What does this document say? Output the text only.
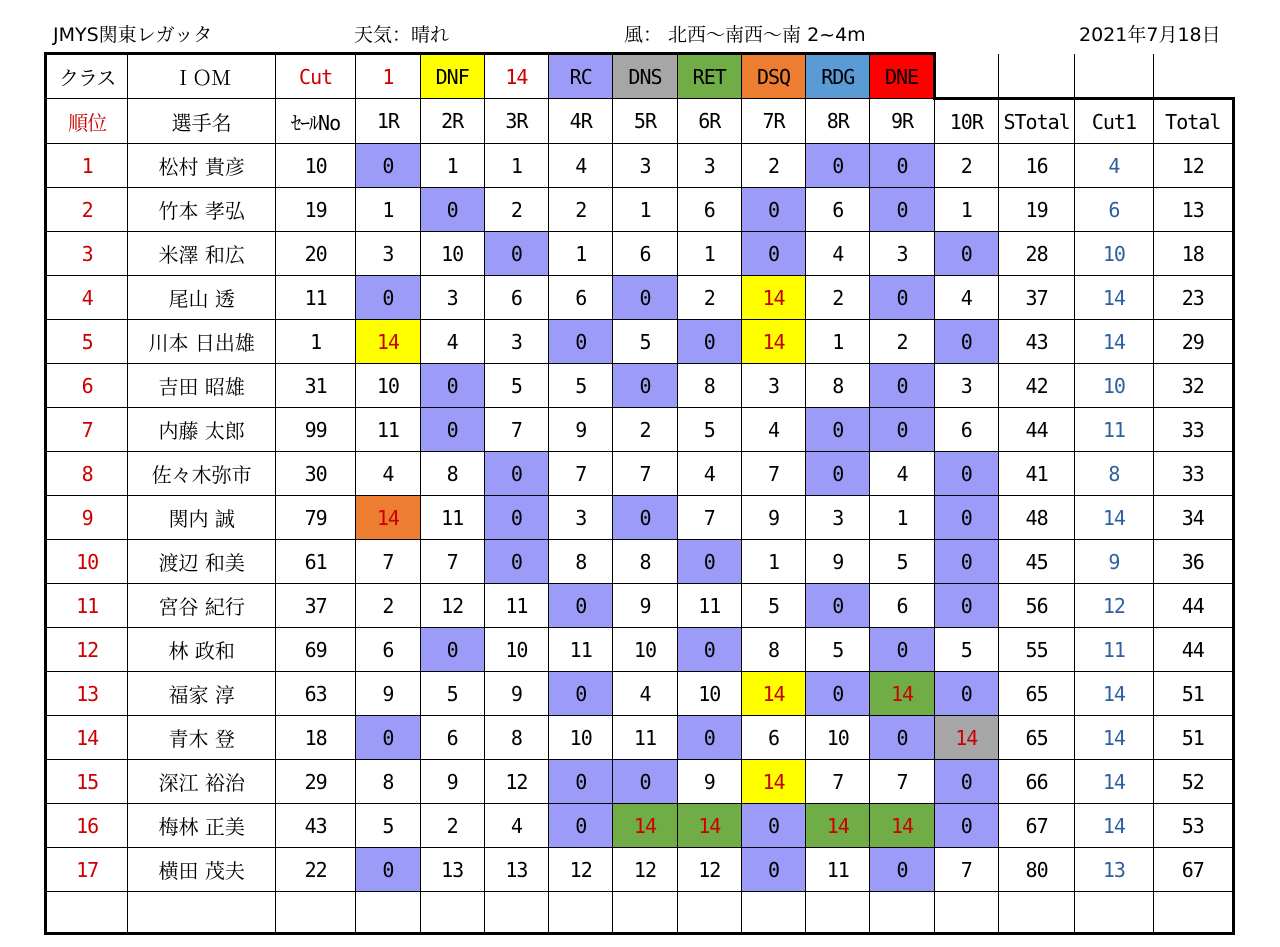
JMYS関東レガッタ	天気：晴れ	風： 北西～南西～南 2~4m	2021年7月18日
クラス	ＩＯＭ	Cut	1	DNF	14	RC	DNS	RET	DSQ	RDG	DNE				
順位	選手名	ｾｰﾙNo	1R	2R	3R	4R	5R	6R	7R	8R	9R	10R	STotal	Cut1	Total
1	松村 貴彦	10	0	1	1	4	3	3	2	0	0	2	16	4	12
2	竹本 孝弘	19	1	0	2	2	1	6	0	6	0	1	19	6	13
3	米澤 和広	20	3	10	0	1	6	1	0	4	3	0	28	10	18
4	尾山 透	11	0	3	6	6	0	2	14	2	0	4	37	14	23
5	川本 日出雄	1	14	4	3	0	5	0	14	1	2	0	43	14	29
6	吉田 昭雄	31	10	0	5	5	0	8	3	8	0	3	42	10	32
7	内藤 太郎	99	11	0	7	9	2	5	4	0	0	6	44	11	33
8	佐々木弥市	30	4	8	0	7	7	4	7	0	4	0	41	8	33
9	関内 誠	79	14	11	0	3	0	7	9	3	1	0	48	14	34
10	渡辺 和美	61	7	7	0	8	8	0	1	9	5	0	45	9	36
11	宮谷 紀行	37	2	12	11	0	9	11	5	0	6	0	56	12	44
12	林 政和	69	6	0	10	11	10	0	8	5	0	5	55	11	44
13	福家 淳	63	9	5	9	0	4	10	14	0	14	0	65	14	51
14	青木 登	18	0	6	8	10	11	0	6	10	0	14	65	14	51
15	深江 裕治	29	8	9	12	0	0	9	14	7	7	0	66	14	52
16	梅林 正美	43	5	2	4	0	14	14	0	14	14	0	67	14	53
17	横田 茂夫	22	0	13	13	12	12	12	0	11	0	7	80	13	67
